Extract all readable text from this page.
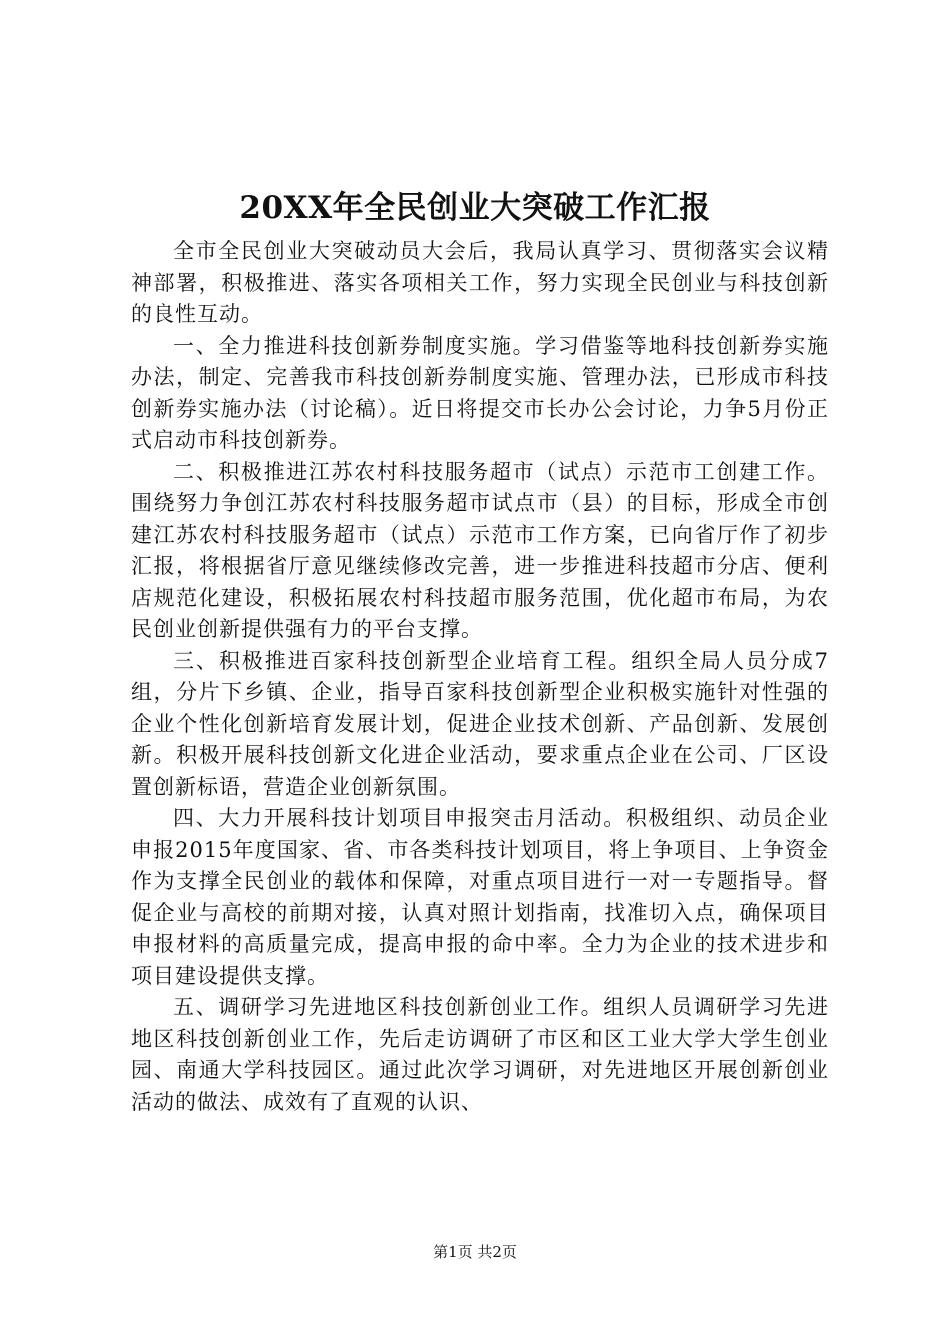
20XX年全民创业大突破工作汇报

全市全民创业大突破动员大会后，我局认真学习、贯彻落实会议精神部署，积极推进、落实各项相关工作，努力实现全民创业与科技创新的良性互动。

一、全力推进科技创新券制度实施。学习借鉴等地科技创新券实施办法，制定、完善我市科技创新券制度实施、管理办法，已形成市科技创新券实施办法（讨论稿）。近日将提交市长办公会讨论，力争5月份正式启动市科技创新券。

二、积极推进江苏农村科技服务超市（试点）示范市工创建工作。围绕努力争创江苏农村科技服务超市试点市（县）的目标，形成全市创建江苏农村科技服务超市（试点）示范市工作方案，已向省厅作了初步汇报，将根据省厅意见继续修改完善，进一步推进科技超市分店、便利店规范化建设，积极拓展农村科技超市服务范围，优化超市布局，为农民创业创新提供强有力的平台支撑。

三、积极推进百家科技创新型企业培育工程。组织全局人员分成7组，分片下乡镇、企业，指导百家科技创新型企业积极实施针对性强的企业个性化创新培育发展计划，促进企业技术创新、产品创新、发展创新。积极开展科技创新文化进企业活动，要求重点企业在公司、厂区设置创新标语，营造企业创新氛围。

四、大力开展科技计划项目申报突击月活动。积极组织、动员企业申报2015年度国家、省、市各类科技计划项目，将上争项目、上争资金作为支撑全民创业的载体和保障，对重点项目进行一对一专题指导。督促企业与高校的前期对接，认真对照计划指南，找准切入点，确保项目申报材料的高质量完成，提高申报的命中率。全力为企业的技术进步和项目建设提供支撑。

五、调研学习先进地区科技创新创业工作。组织人员调研学习先进地区科技创新创业工作，先后走访调研了市区和区工业大学大学生创业园、南通大学科技园区。通过此次学习调研，对先进地区开展创新创业活动的做法、成效有了直观的认识、

第1页 共2页
